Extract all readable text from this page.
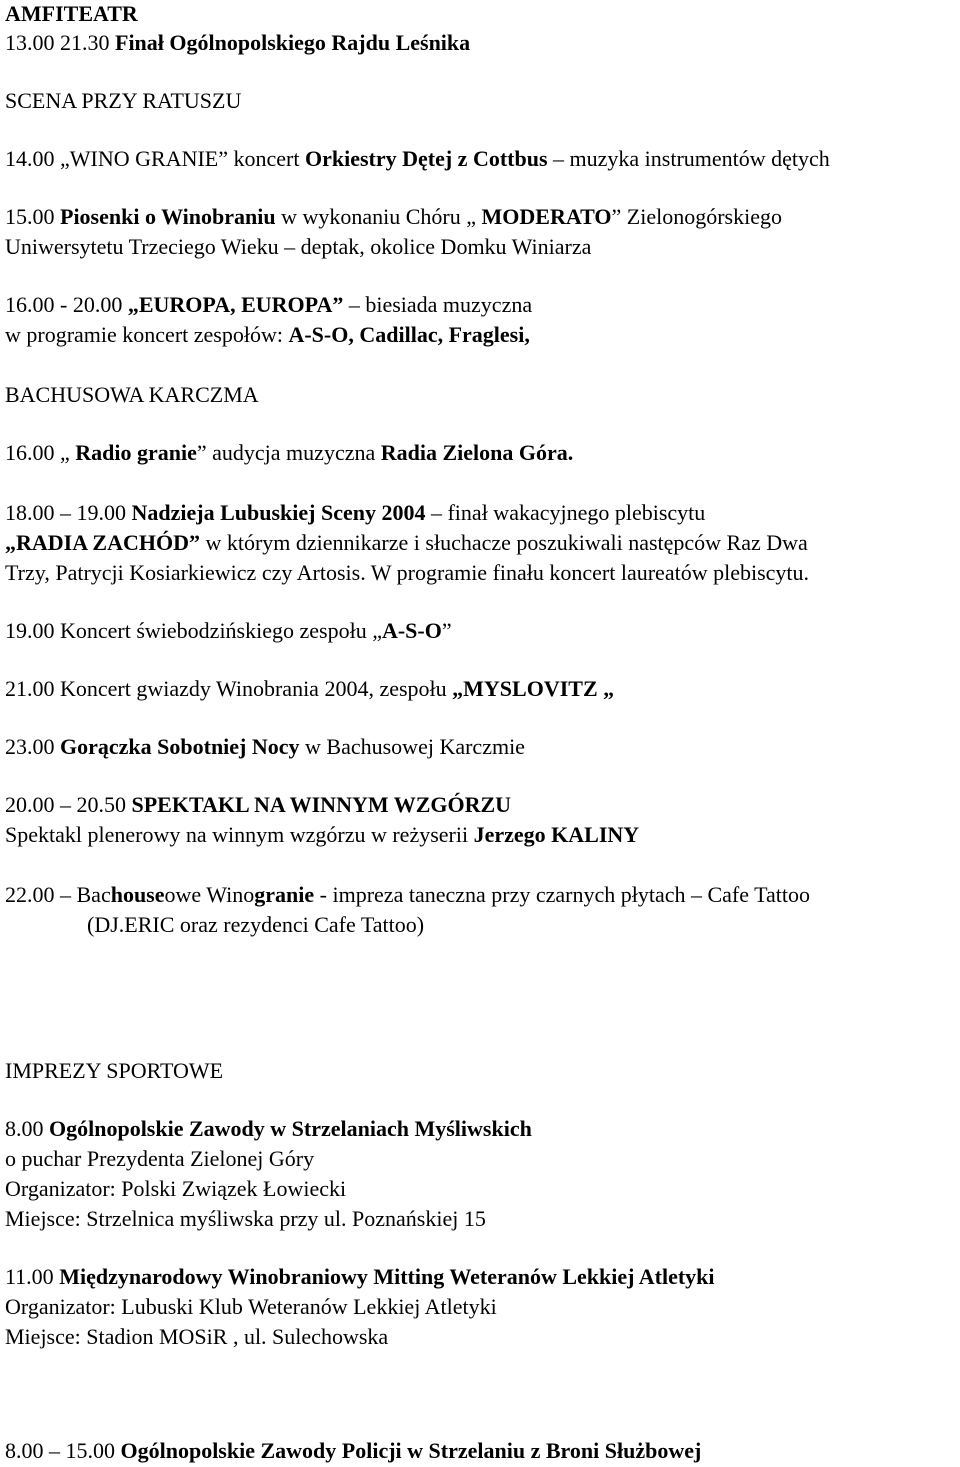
AMFITEATR
13.00 21.30 Finał Ogólnopolskiego Rajdu Leśnika
SCENA PRZY RATUSZU
14.00 „WINO GRANIE” koncert Orkiestry Dętej z Cottbus – muzyka instrumentów dętych
15.00 Piosenki o Winobraniu w wykonaniu Chóru „ MODERATO” Zielonogórskiego
Uniwersytetu Trzeciego Wieku – deptak, okolice Domku Winiarza
16.00 - 20.00 „EUROPA, EUROPA” – biesiada muzyczna
w programie koncert zespołów: A-S-O, Cadillac, Fraglesi,
BACHUSOWA KARCZMA
16.00 „ Radio granie” audycja muzyczna Radia Zielona Góra.
18.00 – 19.00 Nadzieja Lubuskiej Sceny 2004 – finał wakacyjnego plebiscytu
„RADIA ZACHÓD” w którym dziennikarze i słuchacze poszukiwali następców Raz Dwa
Trzy, Patrycji Kosiarkiewicz czy Artosis. W programie finału koncert laureatów plebiscytu.
19.00 Koncert świebodzińskiego zespołu „A-S-O”
21.00 Koncert gwiazdy Winobrania 2004, zespołu „MYSLOVITZ „
23.00 Gorączka Sobotniej Nocy w Bachusowej Karczmie
20.00 – 20.50 SPEKTAKL NA WINNYM WZGÓRZU
Spektakl plenerowy na winnym wzgórzu w reżyserii Jerzego KALINY
22.00 – Bachouseowe Winogranie - impreza taneczna przy czarnych płytach – Cafe Tattoo
(DJ.ERIC oraz rezydenci Cafe Tattoo)
IMPREZY SPORTOWE
8.00 Ogólnopolskie Zawody w Strzelaniach Myśliwskich
o puchar Prezydenta Zielonej Góry
Organizator: Polski Związek Łowiecki
Miejsce: Strzelnica myśliwska przy ul. Poznańskiej 15
11.00 Międzynarodowy Winobraniowy Mitting Weteranów Lekkiej Atletyki
Organizator: Lubuski Klub Weteranów Lekkiej Atletyki
Miejsce: Stadion MOSiR , ul. Sulechowska
8.00 – 15.00 Ogólnopolskie Zawody Policji w Strzelaniu z Broni Służbowej
